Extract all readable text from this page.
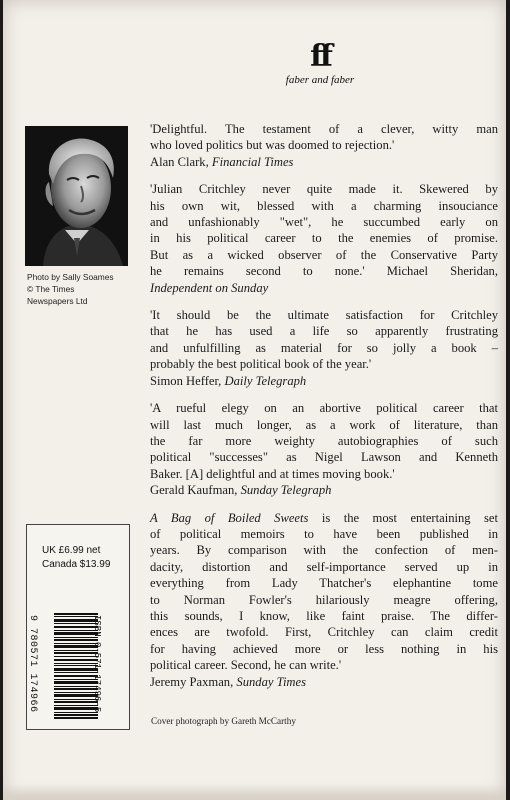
ff
faber and faber
Photo by Sally Soames
© The Times
Newspapers Ltd
'Delightful. The testament of a clever, witty man
who loved politics but was doomed to rejection.'
Alan Clark, Financial Times
'Julian Critchley never quite made it. Skewered by
his own wit, blessed with a charming insouciance
and unfashionably "wet", he succumbed early on
in his political career to the enemies of promise.
But as a wicked observer of the Conservative Party
he remains second to none.' Michael Sheridan,
Independent on Sunday
'It should be the ultimate satisfaction for Critchley
that he has used a life so apparently frustrating
and unfulfilling as material for so jolly a book –
probably the best political book of the year.'
Simon Heffer, Daily Telegraph
'A rueful elegy on an abortive political career that
will last much longer, as a work of literature, than
the far more weighty autobiographies of such
political "successes" as Nigel Lawson and Kenneth
Baker. [A] delightful and at times moving book.'
Gerald Kaufman, Sunday Telegraph
A Bag of Boiled Sweets is the most entertaining set
of political memoirs to have been published in
years. By comparison with the confection of men-
dacity, distortion and self-importance served up in
everything from Lady Thatcher's elephantine tome
to Norman Fowler's hilariously meagre offering,
this sounds, I know, like faint praise. The differ-
ences are twofold. First, Critchley can claim credit
for having achieved more or less nothing in his
political career. Second, he can write.'
Jeremy Paxman, Sunday Times
UK £6.99 net
Canada $13.99
9 780571 174966	ISBN 0-571-17496-5
Cover photograph by Gareth McCarthy
